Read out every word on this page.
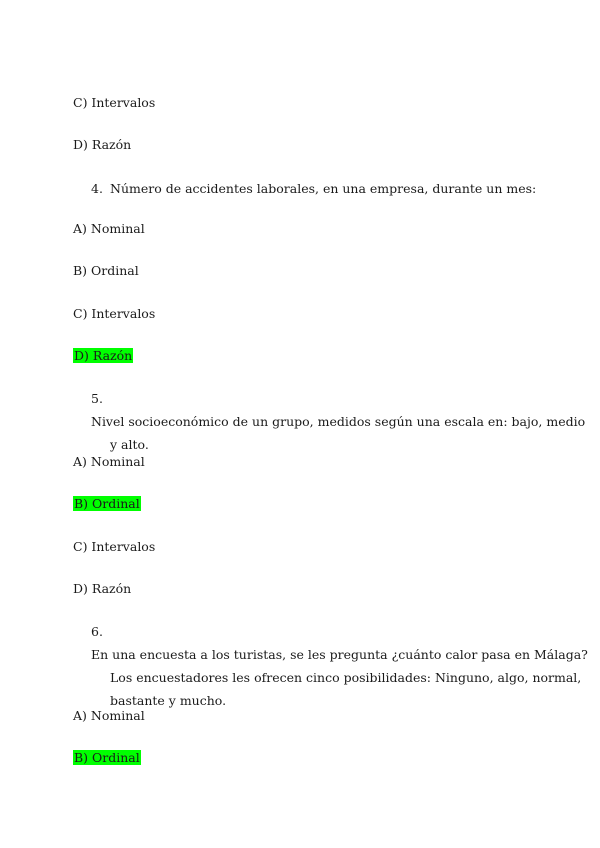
C) Intervalos
D) Razón
4. Número de accidentes laborales, en una empresa, durante un mes:
A) Nominal
B) Ordinal
C) Intervalos
D) Razón
5.Nivel socioeconómico de un grupo, medidos según una escala en: bajo, medio
y alto.
A) Nominal
B) Ordinal
C) Intervalos
D) Razón
6.En una encuesta a los turistas, se les pregunta ¿cuánto calor pasa en Málaga?
Los encuestadores les ofrecen cinco posibilidades: Ninguno, algo, normal,
bastante y mucho.
A) Nominal
B) Ordinal
